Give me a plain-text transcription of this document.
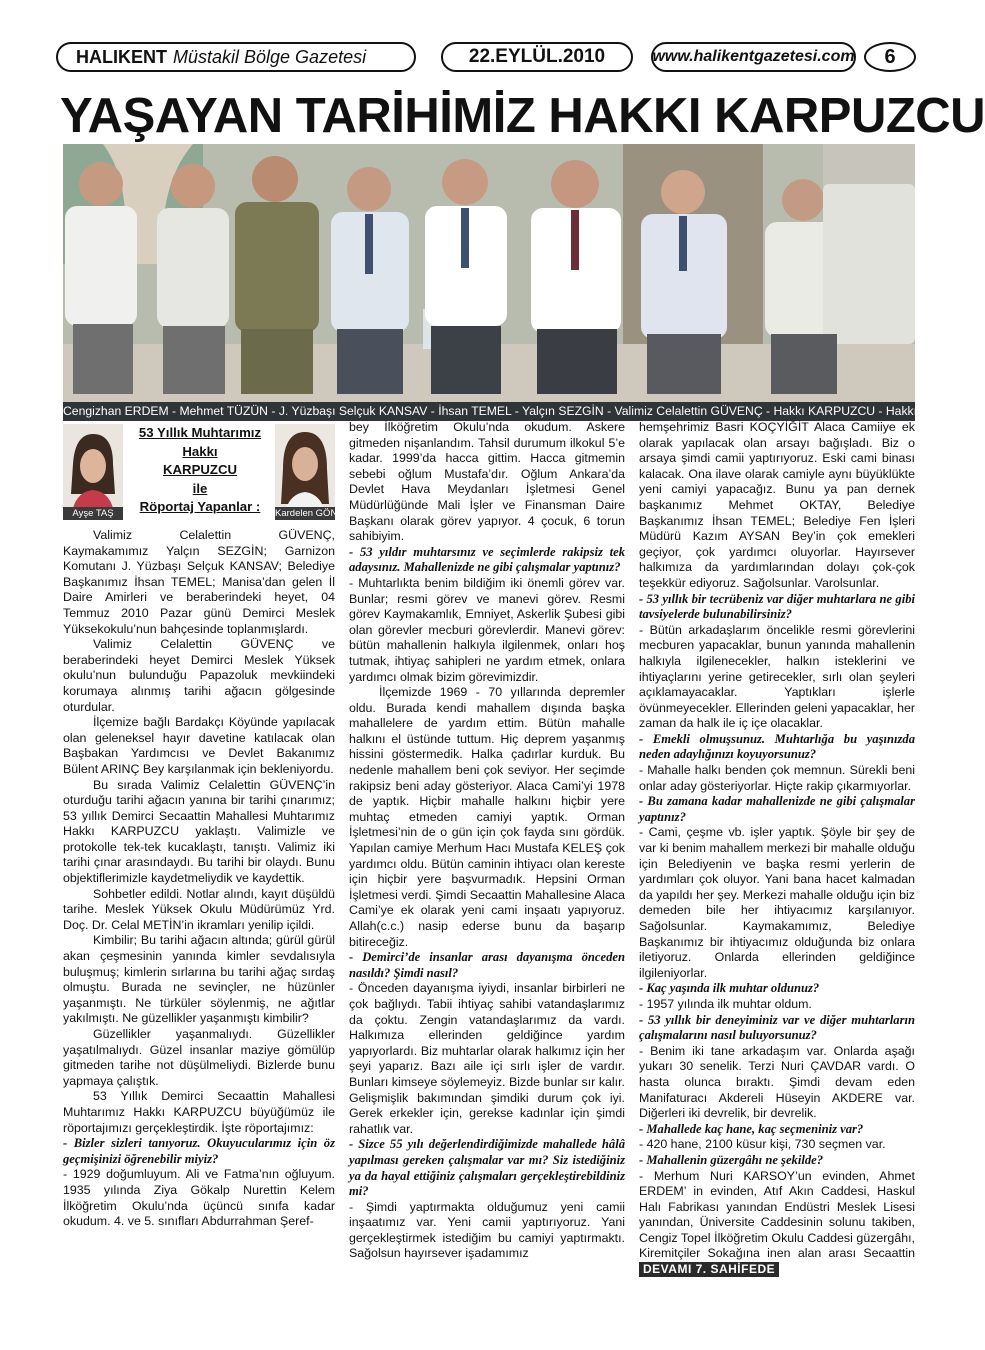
HALIKENT Müstakil Bölge Gazetesi	22.EYLÜL.2010	www.halikentgazetesi.com	6
YAŞAYAN TARİHİMİZ HAKKI KARPUZCU
Cengizhan ERDEM - Mehmet TÜZÜN - J. Yüzbaşı Selçuk KANSAV - İhsan TEMEL - Yalçın SEZGİN - Valimiz Celalettin GÜVENÇ - Hakkı KARPUZCU - Hakkı ARGUN
Ayşe TAŞ
53 Yıllık Muhtarımız
Hakkı
KARPUZCU
ile
Röportaj Yapanlar :	Kardelen GÖNÜL

Valimiz Celalettin GÜVENÇ, Kaymakamımız Yalçın SEZGİN; Garnizon Komutanı J. Yüzbaşı Selçuk KANSAV; Belediye Başkanımız İhsan TEMEL; Manisa’dan gelen İl Daire Amirleri ve beraberindeki heyet, 04 Temmuz 2010 Pazar günü Demirci Meslek Yüksekokulu’nun bahçesinde toplanmışlardı.

Valimiz Celalettin GÜVENÇ ve beraberindeki heyet Demirci Meslek Yüksek okulu’nun bulunduğu Papazoluk mevkiindeki korumaya alınmış tarihi ağacın gölgesinde oturdular.

İlçemize bağlı Bardakçı Köyünde yapılacak olan geleneksel hayır davetine katılacak olan Başbakan Yardımcısı ve Devlet Bakanımız Bülent ARINÇ Bey karşılanmak için bekleniyordu.

Bu sırada Valimiz Celalettin GÜVENÇ’in oturduğu tarihi ağacın yanına bir tarihi çınarımız; 53 yıllık Demirci Secaattin Mahallesi Muhtarımız Hakkı KARPUZCU yaklaştı. Valimizle ve protokolle tek-tek kucaklaştı, tanıştı. Valimiz iki tarihi çınar arasındaydı. Bu tarihi bir olaydı. Bunu objektiflerimizle kaydetmeliydik ve kaydettik.

Sohbetler edildi. Notlar alındı, kayıt düşüldü tarihe. Meslek Yüksek Okulu Müdürümüz Yrd. Doç. Dr. Celal METİN’in ikramları yenilip içildi.

Kimbilir; Bu tarihi ağacın altında; gürül gürül akan çeşmesinin yanında kimler sevdalısıyla buluşmuş; kimlerin sırlarına bu tarihi ağaç sırdaş olmuştu. Burada ne sevinçler, ne hüzünler yaşanmıştı. Ne türküler söylenmiş, ne ağıtlar yakılmıştı. Ne güzellikler yaşanmıştı kimbilir?

Güzellikler yaşanmalıydı. Güzellikler yaşatılmalıydı. Güzel insanlar maziye gömülüp gitmeden tarihe not düşülmeliydi. Bizlerde bunu yapmaya çalıştık.

53 Yıllık Demirci Secaattin Mahallesi Muhtarımız Hakkı KARPUZCU büyüğümüz ile röportajımızı gerçekleştirdik. İşte röportajımız:

- Bizler sizleri tanıyoruz. Okuyucularımız için öz geçmişinizi öğrenebilir miyiz?

- 1929 doğumluyum. Ali ve Fatma’nın oğluyum. 1935 yılında Ziya Gökalp Nurettin Kelem İlköğretim Okulu’nda üçüncü sınıfa kadar okudum. 4. ve 5. sınıfları Abdurrahman Şeref-

bey İlköğretim Okulu’nda okudum. Askere gitmeden nişanlandım. Tahsil durumum ilkokul 5’e kadar. 1999’da hacca gittim. Hacca gitmemin sebebi oğlum Mustafa’dır. Oğlum Ankara’da Devlet Hava Meydanları İşletmesi Genel Müdürlüğünde Mali İşler ve Finansman Daire Başkanı olarak görev yapıyor. 4 çocuk, 6 torun sahibiyim.

- 53 yıldır muhtarsınız ve seçimlerde rakipsiz tek adaysınız. Mahallenizde ne gibi çalışmalar yaptınız?

- Muhtarlıkta benim bildiğim iki önemli görev var. Bunlar; resmi görev ve manevi görev. Resmi görev Kaymakamlık, Emniyet, Askerlik Şubesi gibi olan görevler mecburi görevlerdir. Manevi görev: bütün mahallenin halkıyla ilgilenmek, onları hoş tutmak, ihtiyaç sahipleri ne yardım etmek, onlara yardımcı olmak bizim görevimizdir.

İlçemizde 1969 - 70 yıllarında depremler oldu. Burada kendi mahallem dışında başka mahallelere de yardım ettim. Bütün mahalle halkını el üstünde tuttum. Hiç deprem yaşanmış hissini göstermedik. Halka çadırlar kurduk. Bu nedenle mahallem beni çok seviyor. Her seçimde rakipsiz beni aday gösteriyor. Alaca Cami’yi 1978 de yaptık. Hiçbir mahalle halkını hiçbir yere muhtaç etmeden camiyi yaptık. Orman İşletmesi’nin de o gün için çok fayda sını gördük. Yapılan camiye Merhum Hacı Mustafa KELEŞ çok yardımcı oldu. Bütün caminin ihtiyacı olan kereste için hiçbir yere başvurmadık. Hepsini Orman İşletmesi verdi. Şimdi Secaattin Mahallesine Alaca Cami’ye ek olarak yeni cami inşaatı yapıyoruz. Allah(c.c.) nasip ederse bunu da başarıp bitireceğiz.

- Demirci’de insanlar arası dayanışma önceden nasıldı? Şimdi nasıl?

- Önceden dayanışma iyiydi, insanlar birbirleri ne çok bağlıydı. Tabii ihtiyaç sahibi vatandaşlarımız da çoktu. Zengin vatandaşlarımız da vardı. Halkımıza ellerinden geldiğince yardım yapıyorlardı. Biz muhtarlar olarak halkımız için her şeyi yaparız. Bazı aile içi sırlı işler de vardır. Bunları kimseye söylemeyiz. Bizde bunlar sır kalır. Gelişmişlik bakımından şimdiki durum çok iyi. Gerek erkekler için, gerekse kadınlar için şimdi rahatlık var.

- Sizce 55 yılı değerlendirdiğimizde mahallede hâlâ yapılması gereken çalışmalar var mı? Siz istediğiniz ya da hayal ettiğiniz çalışmaları gerçekleştirebildiniz mi?

- Şimdi yaptırmakta olduğumuz yeni camii inşaatımız var. Yeni camii yaptırıyoruz. Yani gerçekleştirmek istediğim bu camiyi yaptırmaktı. Sağolsun hayırsever işadamımız

hemşehrimiz Basri KOÇYİĞİT Alaca Camiiye ek olarak yapılacak olan arsayı bağışladı. Biz o arsaya şimdi camii yaptırıyoruz. Eski cami binası kalacak. Ona ilave olarak camiyle aynı büyüklükte yeni camiyi yapacağız. Bunu ya pan dernek başkanımız Mehmet OKTAY, Belediye Başkanımız İhsan TEMEL; Belediye Fen İşleri Müdürü Kazım AYSAN Bey’in çok emekleri geçiyor, çok yardımcı oluyorlar. Hayırsever halkımıza da yardımlarından dolayı çok-çok teşekkür ediyoruz. Sağolsunlar. Varolsunlar.

- 53 yıllık bir tecrübeniz var diğer muhtarlara ne gibi tavsiyelerde bulunabilirsiniz?

- Bütün arkadaşlarım öncelikle resmi görevlerini mecburen yapacaklar, bunun yanında mahallenin halkıyla ilgilenecekler, halkın isteklerini ve ihtiyaçlarını yerine getirecekler, sırlı olan şeyleri açıklamayacaklar. Yaptıkları işlerle övünmeyecekler. Ellerinden geleni yapacaklar, her zaman da halk ile iç içe olacaklar.

- Emekli olmuşsunuz. Muhtarlığa bu yaşınızda neden adaylığınızı koyuyorsunuz?

- Mahalle halkı benden çok memnun. Sürekli beni onlar aday gösteriyorlar. Hiçte rakip çıkarmıyorlar.

- Bu zamana kadar mahallenizde ne gibi çalışmalar yaptınız?

- Cami, çeşme vb. işler yaptık. Şöyle bir şey de var ki benim mahallem merkezi bir mahalle olduğu için Belediyenin ve başka resmi yerlerin de yardımları çok oluyor. Yani bana hacet kalmadan da yapıldı her şey. Merkezi mahalle olduğu için biz demeden bile her ihtiyacımız karşılanıyor. Sağolsunlar. Kaymakamımız, Belediye Başkanımız bir ihtiyacımız olduğunda biz onlara iletiyoruz. Onlarda ellerinden geldiğince ilgileniyorlar.

- Kaç yaşında ilk muhtar oldunuz?

- 1957 yılında ilk muhtar oldum.

- 53 yıllık bir deneyiminiz var ve diğer muhtarların çalışmalarını nasıl buluyorsunuz?

- Benim iki tane arkadaşım var. Onlarda aşağı yukarı 30 senelik. Terzi Nuri ÇAVDAR vardı. O hasta olunca bıraktı. Şimdi devam eden Manifaturacı Akdereli Hüseyin AKDERE var. Diğerleri iki devrelik, bir devrelik.

- Mahallede kaç hane, kaç seçmeniniz var?

- 420 hane, 2100 küsur kişi, 730 seçmen var.

- Mahallenin güzergâhı ne şekilde?

- Merhum Nuri KARSOY’un evinden, Ahmet ERDEM’ in evinden, Atıf Akın Caddesi, Haskul Halı Fabrikası yanından Endüstri Meslek Lisesi yanından, Üniversite Caddesinin solunu takiben, Cengiz Topel İlköğretim Okulu Caddesi güzergâhı, Kiremitçiler Sokağına inen alan arası Secaattin DEVAMI 7. SAHİFEDE
